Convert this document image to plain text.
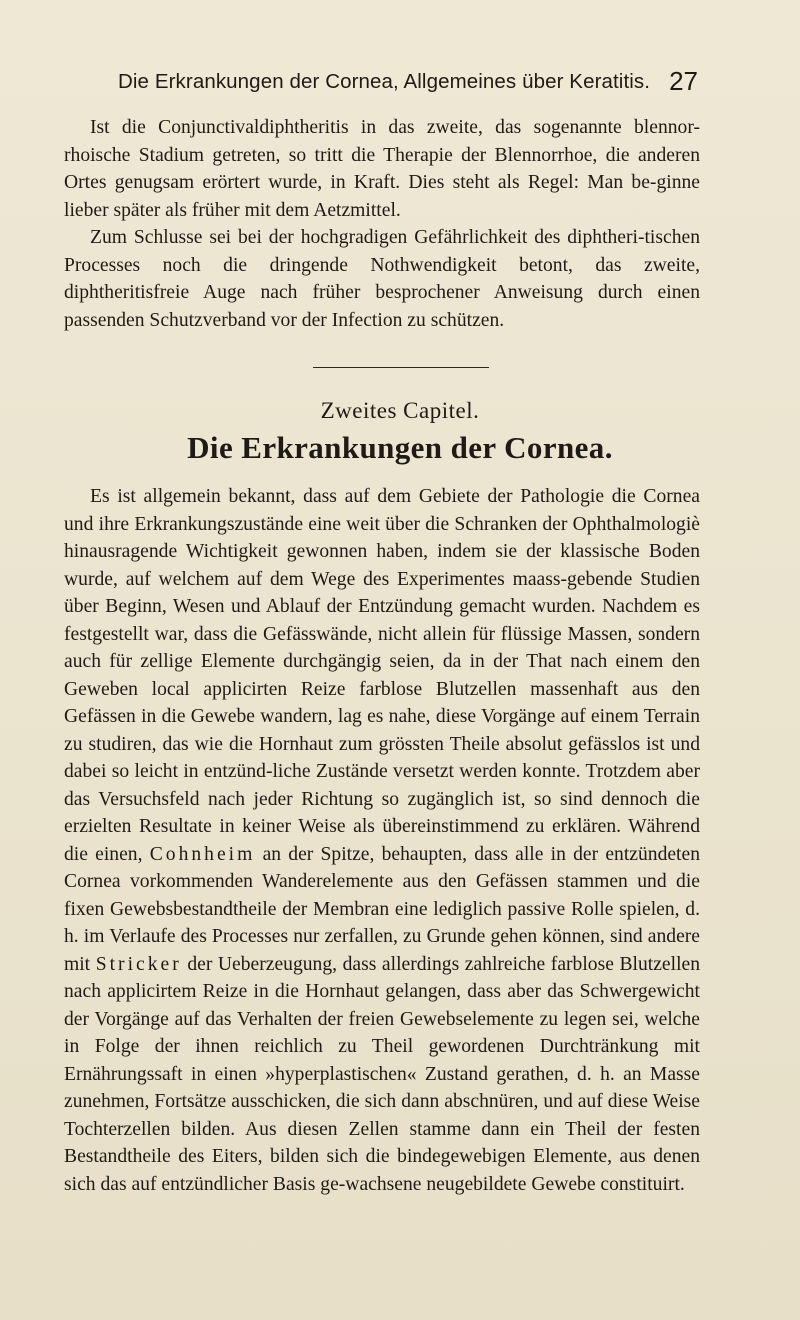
Die Erkrankungen der Cornea, Allgemeines über Keratitis. 27

Ist die Conjunctivaldiphtheritis in das zweite, das sogenannte blennor-rhoische Stadium getreten, so tritt die Therapie der Blennorrhoe, die anderen Ortes genugsam erörtert wurde, in Kraft. Dies steht als Regel: Man be-ginne lieber später als früher mit dem Aetzmittel.

Zum Schlusse sei bei der hochgradigen Gefährlichkeit des diphtheri-tischen Processes noch die dringende Nothwendigkeit betont, das zweite, diphtheritisfreie Auge nach früher besprochener Anweisung durch einen passenden Schutzverband vor der Infection zu schützen.

Zweites Capitel.
Die Erkrankungen der Cornea.

Es ist allgemein bekannt, dass auf dem Gebiete der Pathologie die Cornea und ihre Erkrankungszustände eine weit über die Schranken der Ophthalmologiè hinausragende Wichtigkeit gewonnen haben, indem sie der klassische Boden wurde, auf welchem auf dem Wege des Experimentes maass-gebende Studien über Beginn, Wesen und Ablauf der Entzündung gemacht wurden. Nachdem es festgestellt war, dass die Gefässwände, nicht allein für flüssige Massen, sondern auch für zellige Elemente durchgängig seien, da in der That nach einem den Geweben local applicirten Reize farblose Blutzellen massenhaft aus den Gefässen in die Gewebe wandern, lag es nahe, diese Vorgänge auf einem Terrain zu studiren, das wie die Hornhaut zum grössten Theile absolut gefässlos ist und dabei so leicht in entzünd-liche Zustände versetzt werden konnte. Trotzdem aber das Versuchsfeld nach jeder Richtung so zugänglich ist, so sind dennoch die erzielten Resultate in keiner Weise als übereinstimmend zu erklären. Während die einen, Cohnheim an der Spitze, behaupten, dass alle in der entzündeten Cornea vorkommenden Wanderelemente aus den Gefässen stammen und die fixen Gewebsbestandtheile der Membran eine lediglich passive Rolle spielen, d. h. im Verlaufe des Processes nur zerfallen, zu Grunde gehen können, sind andere mit Stricker der Ueberzeugung, dass allerdings zahlreiche farblose Blutzellen nach applicirtem Reize in die Hornhaut gelangen, dass aber das Schwergewicht der Vorgänge auf das Verhalten der freien Gewebselemente zu legen sei, welche in Folge der ihnen reichlich zu Theil gewordenen Durchtränkung mit Ernährungssaft in einen »hyperplastischen« Zustand gerathen, d. h. an Masse zunehmen, Fortsätze ausschicken, die sich dann abschnüren, und auf diese Weise Tochterzellen bilden. Aus diesen Zellen stamme dann ein Theil der festen Bestandtheile des Eiters, bilden sich die bindegewebigen Elemente, aus denen sich das auf entzündlicher Basis ge-wachsene neugebildete Gewebe constituirt.
